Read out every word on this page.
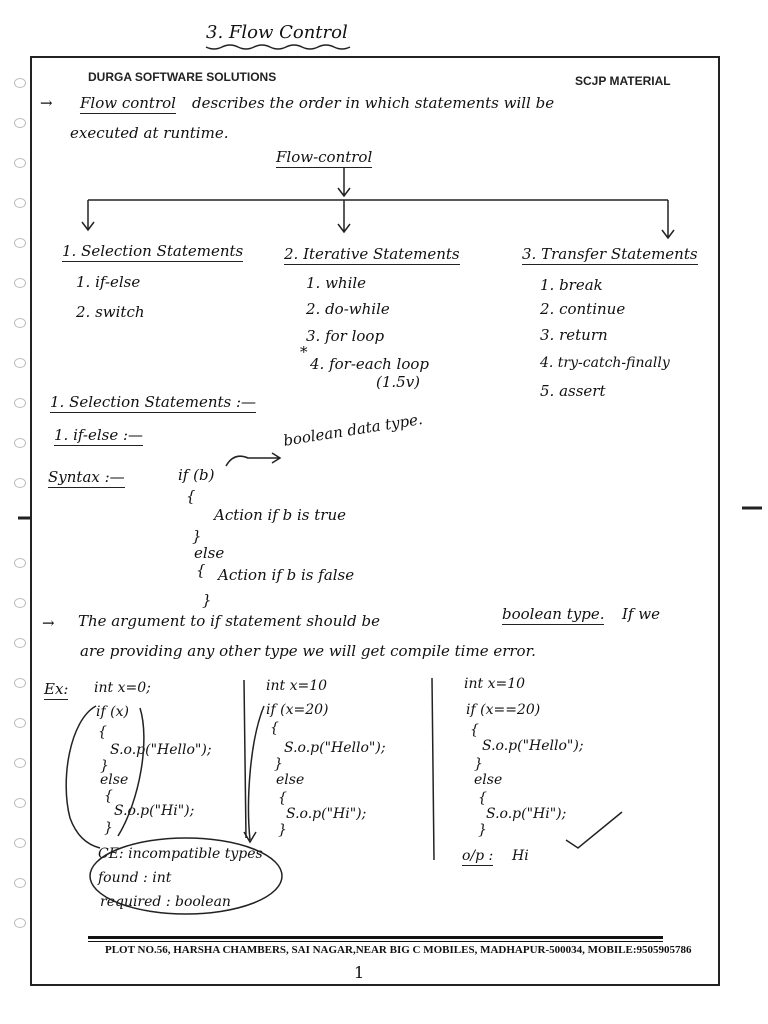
3. Flow Control
DURGA SOFTWARE SOLUTIONS	SCJP MATERIAL
→ Flow control describes the order in which statements will be
executed at runtime.
Flow-control
1. Selection Statements
1. if-else
2. switch
2. Iterative Statements
1. while
2. do-while
3. for loop
*
4. for-each loop
(1.5v)
3. Transfer Statements
1. break
2. continue
3. return
4. try-catch-finally
5. assert
1. Selection Statements :—
1. if-else :—
Syntax :—
boolean data type.
if (b)
{
Action if b is true
}
else
{ Action if b is false
}
→ The argument to if statement should be	boolean type. If we
are providing any other type we will get compile time error.
Ex: int x=0;
if (x)
{
S.o.p("Hello");
}
else
{
S.o.p("Hi");
}
int x=10
if (x=20)
{
S.o.p("Hello");
}
else
{
S.o.p("Hi");
}
int x=10
if (x==20)
{
S.o.p("Hello");
}
else
{
S.o.p("Hi");
}
CE: incompatible types
found : int
required : boolean
o/p : Hi
PLOT NO.56, HARSHA CHAMBERS, SAI NAGAR,NEAR BIG C MOBILES, MADHAPUR-500034, MOBILE:9505905786
1
